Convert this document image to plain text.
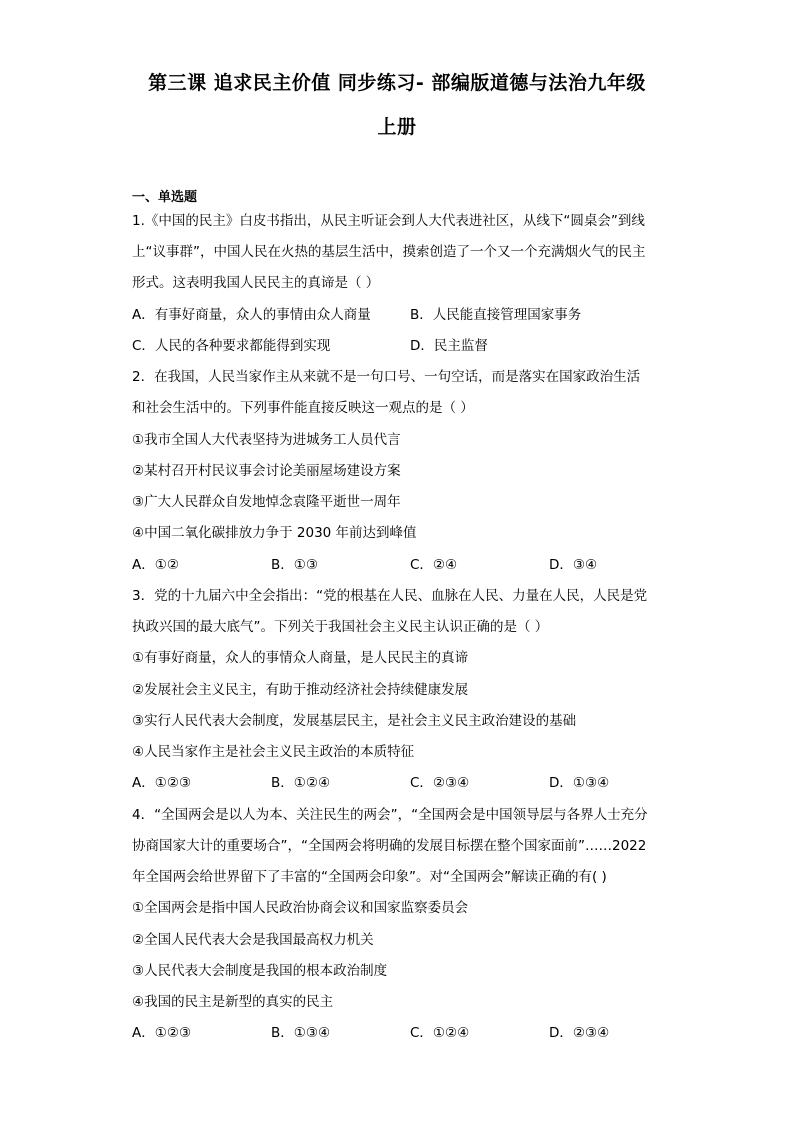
第三课 追求民主价值 同步练习- 部编版道德与法治九年级
上册
一、单选题
1.《中国的民主》白皮书指出，从民主听证会到人大代表进社区，从线下“圆桌会”到线
上“议事群”，中国人民在火热的基层生活中，摸索创造了一个又一个充满烟火气的民主
形式。这表明我国人民民主的真谛是（ ）
A．有事好商量，众人的事情由众人商量	B．人民能直接管理国家事务
C．人民的各种要求都能得到实现	D．民主监督
2．在我国，人民当家作主从来就不是一句口号、一句空话，而是落实在国家政治生活
和社会生活中的。下列事件能直接反映这一观点的是（ ）
①我市全国人大代表坚持为进城务工人员代言
②某村召开村民议事会讨论美丽屋场建设方案
③广大人民群众自发地悼念袁隆平逝世一周年
④中国二氧化碳排放力争于 2030 年前达到峰值
A．①②	B．①③	C．②④	D．③④
3．党的十九届六中全会指出：“党的根基在人民、血脉在人民、力量在人民，人民是党
执政兴国的最大底气”。下列关于我国社会主义民主认识正确的是（ ）
①有事好商量，众人的事情众人商量，是人民民主的真谛
②发展社会主义民主，有助于推动经济社会持续健康发展
③实行人民代表大会制度，发展基层民主，是社会主义民主政治建设的基础
④人民当家作主是社会主义民主政治的本质特征
A．①②③	B．①②④	C．②③④	D．①③④
4．“全国两会是以人为本、关注民生的两会”，“全国两会是中国领导层与各界人士充分
协商国家大计的重要场合”，“全国两会将明确的发展目标摆在整个国家面前”……2022
年全国两会给世界留下了丰富的“全国两会印象”。对“全国两会”解读正确的有( )
①全国两会是指中国人民政治协商会议和国家监察委员会
②全国人民代表大会是我国最高权力机关
③人民代表大会制度是我国的根本政治制度
④我国的民主是新型的真实的民主
A．①②③	B．①③④	C．①②④	D．②③④
